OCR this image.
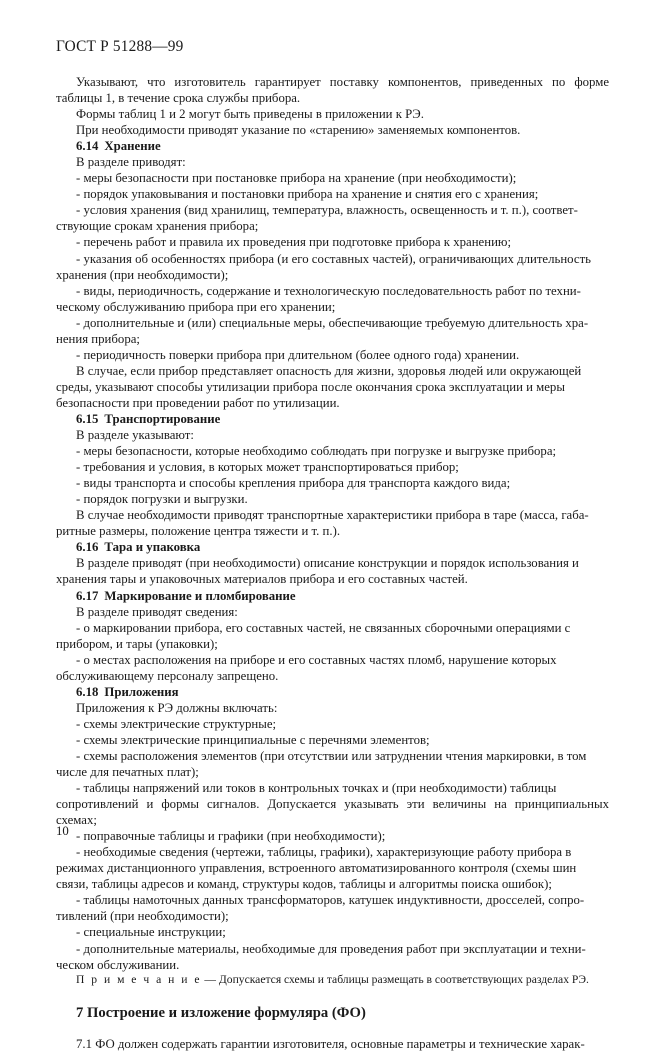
ГОСТ Р 51288—99

Указывают, что изготовитель гарантирует поставку компонентов, приведенных по форме таблицы 1, в течение срока службы прибора.

Формы таблиц 1 и 2 могут быть приведены в приложении к РЭ.

При необходимости приводят указание по «старению» заменяемых компонентов.

6.14 Хранение

В разделе приводят:

- меры безопасности при постановке прибора на хранение (при необходимости);

- порядок упаковывания и постановки прибора на хранение и снятия его с хранения;

- условия хранения (вид хранилищ, температура, влажность, освещенность и т. п.), соответ-

ствующие срокам хранения прибора;

- перечень работ и правила их проведения при подготовке прибора к хранению;

- указания об особенностях прибора (и его составных частей), ограничивающих длительность

хранения (при необходимости);

- виды, периодичность, содержание и технологическую последовательность работ по техни-

ческому обслуживанию прибора при его хранении;

- дополнительные и (или) специальные меры, обеспечивающие требуемую длительность хра-

нения прибора;

- периодичность поверки прибора при длительном (более одного года) хранении.

В случае, если прибор представляет опасность для жизни, здоровья людей или окружающей

среды, указывают способы утилизации прибора после окончания срока эксплуатации и меры

безопасности при проведении работ по утилизации.

6.15 Транспортирование

В разделе указывают:

- меры безопасности, которые необходимо соблюдать при погрузке и выгрузке прибора;

- требования и условия, в которых может транспортироваться прибор;

- виды транспорта и способы крепления прибора для транспорта каждого вида;

- порядок погрузки и выгрузки.

В случае необходимости приводят транспортные характеристики прибора в таре (масса, габа-

ритные размеры, положение центра тяжести и т. п.).

6.16 Тара и упаковка

В разделе приводят (при необходимости) описание конструкции и порядок использования и

хранения тары и упаковочных материалов прибора и его составных частей.

6.17 Маркирование и пломбирование

В разделе приводят сведения:

- о маркировании прибора, его составных частей, не связанных сборочными операциями с

прибором, и тары (упаковки);

- о местах расположения на приборе и его составных частях пломб, нарушение которых

обслуживающему персоналу запрещено.

6.18 Приложения

Приложения к РЭ должны включать:

- схемы электрические структурные;

- схемы электрические принципиальные с перечнями элементов;

- схемы расположения элементов (при отсутствии или затруднении чтения маркировки, в том

числе для печатных плат);

- таблицы напряжений или токов в контрольных точках и (при необходимости) таблицы

сопротивлений и формы сигналов. Допускается указывать эти величины на принципиальных схемах;

- поправочные таблицы и графики (при необходимости);

- необходимые сведения (чертежи, таблицы, графики), характеризующие работу прибора в

режимах дистанционного управления, встроенного автоматизированного контроля (схемы шин

связи, таблицы адресов и команд, структуры кодов, таблицы и алгоритмы поиска ошибок);

- таблицы намоточных данных трансформаторов, катушек индуктивности, дросселей, сопро-

тивлений (при необходимости);

- специальные инструкции;

- дополнительные материалы, необходимые для проведения работ при эксплуатации и техни-

ческом обслуживании.

П р и м е ч а н и е — Допускается схемы и таблицы размещать в соответствующих разделах РЭ.

7 Построение и изложение формуляра (ФО)

7.1 ФО должен содержать гарантии изготовителя, основные параметры и технические харак-

10
